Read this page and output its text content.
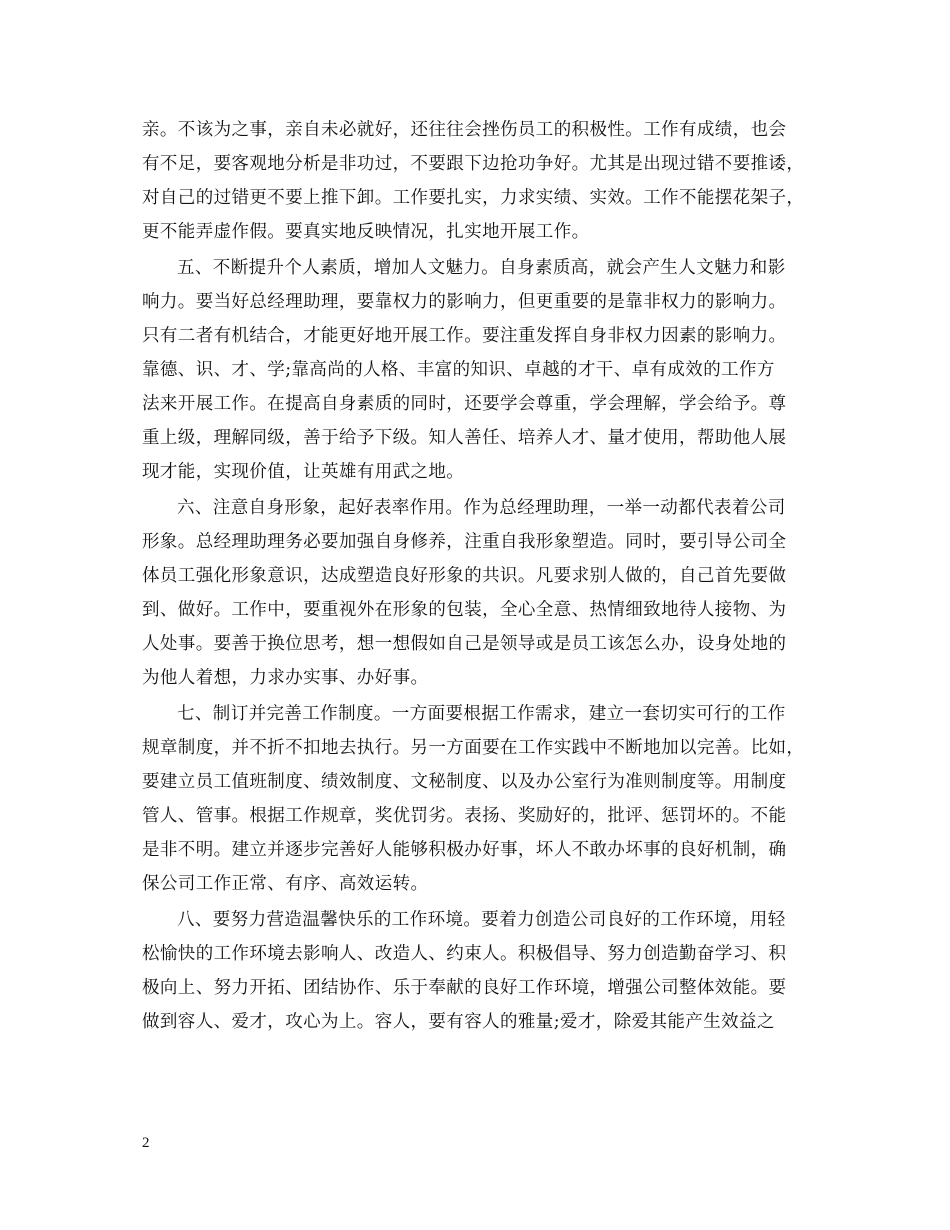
亲。不该为之事，亲自未必就好，还往往会挫伤员工的积极性。工作有成绩，也会
有不足，要客观地分析是非功过，不要跟下边抢功争好。尤其是出现过错不要推诿，
对自己的过错更不要上推下卸。工作要扎实，力求实绩、实效。工作不能摆花架子，
更不能弄虚作假。要真实地反映情况，扎实地开展工作。
五、不断提升个人素质，增加人文魅力。自身素质高，就会产生人文魅力和影
响力。要当好总经理助理，要靠权力的影响力，但更重要的是靠非权力的影响力。
只有二者有机结合，才能更好地开展工作。要注重发挥自身非权力因素的影响力。
靠德、识、才、学;靠高尚的人格、丰富的知识、卓越的才干、卓有成效的工作方
法来开展工作。在提高自身素质的同时，还要学会尊重，学会理解，学会给予。尊
重上级，理解同级，善于给予下级。知人善任、培养人才、量才使用，帮助他人展
现才能，实现价值，让英雄有用武之地。
六、注意自身形象，起好表率作用。作为总经理助理，一举一动都代表着公司
形象。总经理助理务必要加强自身修养，注重自我形象塑造。同时，要引导公司全
体员工强化形象意识，达成塑造良好形象的共识。凡要求别人做的，自己首先要做
到、做好。工作中，要重视外在形象的包装，全心全意、热情细致地待人接物、为
人处事。要善于换位思考，想一想假如自己是领导或是员工该怎么办，设身处地的
为他人着想，力求办实事、办好事。
七、制订并完善工作制度。一方面要根据工作需求，建立一套切实可行的工作
规章制度，并不折不扣地去执行。另一方面要在工作实践中不断地加以完善。比如，
要建立员工值班制度、绩效制度、文秘制度、以及办公室行为准则制度等。用制度
管人、管事。根据工作规章，奖优罚劣。表扬、奖励好的，批评、惩罚坏的。不能
是非不明。建立并逐步完善好人能够积极办好事，坏人不敢办坏事的良好机制，确
保公司工作正常、有序、高效运转。
八、要努力营造温馨快乐的工作环境。要着力创造公司良好的工作环境，用轻
松愉快的工作环境去影响人、改造人、约束人。积极倡导、努力创造勤奋学习、积
极向上、努力开拓、团结协作、乐于奉献的良好工作环境，增强公司整体效能。要
做到容人、爱才，攻心为上。容人，要有容人的雅量;爱才，除爱其能产生效益之
2
